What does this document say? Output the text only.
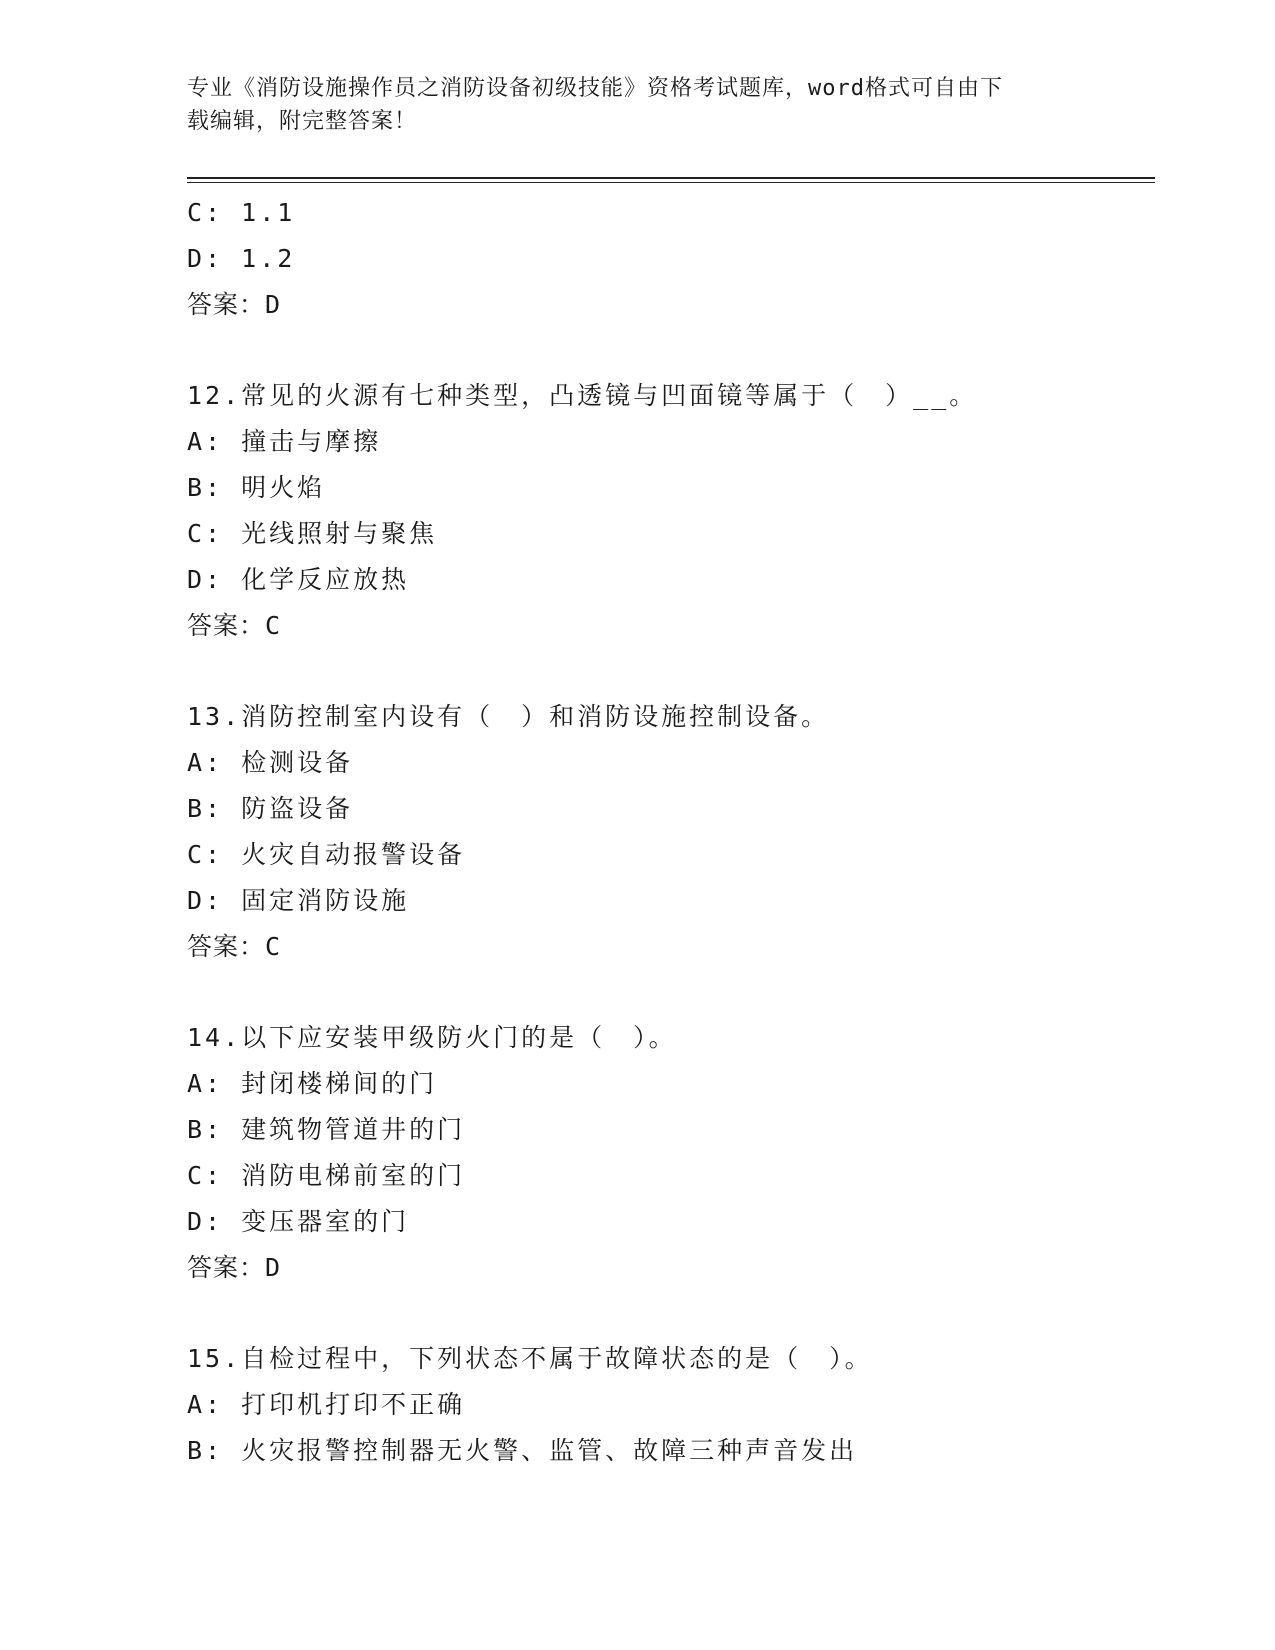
专业《消防设施操作员之消防设备初级技能》资格考试题库，word格式可自由下
载编辑，附完整答案！
C: 1.1
D: 1.2
答案：D
12.常见的火源有七种类型，凸透镜与凹面镜等属于（　）__。
A: 撞击与摩擦
B: 明火焰
C: 光线照射与聚焦
D: 化学反应放热
答案：C
13.消防控制室内设有（　）和消防设施控制设备。
A: 检测设备
B: 防盗设备
C: 火灾自动报警设备
D: 固定消防设施
答案：C
14.以下应安装甲级防火门的是（　）。
A: 封闭楼梯间的门
B: 建筑物管道井的门
C: 消防电梯前室的门
D: 变压器室的门
答案：D
15.自检过程中，下列状态不属于故障状态的是（　）。
A: 打印机打印不正确
B: 火灾报警控制器无火警、监管、故障三种声音发出
